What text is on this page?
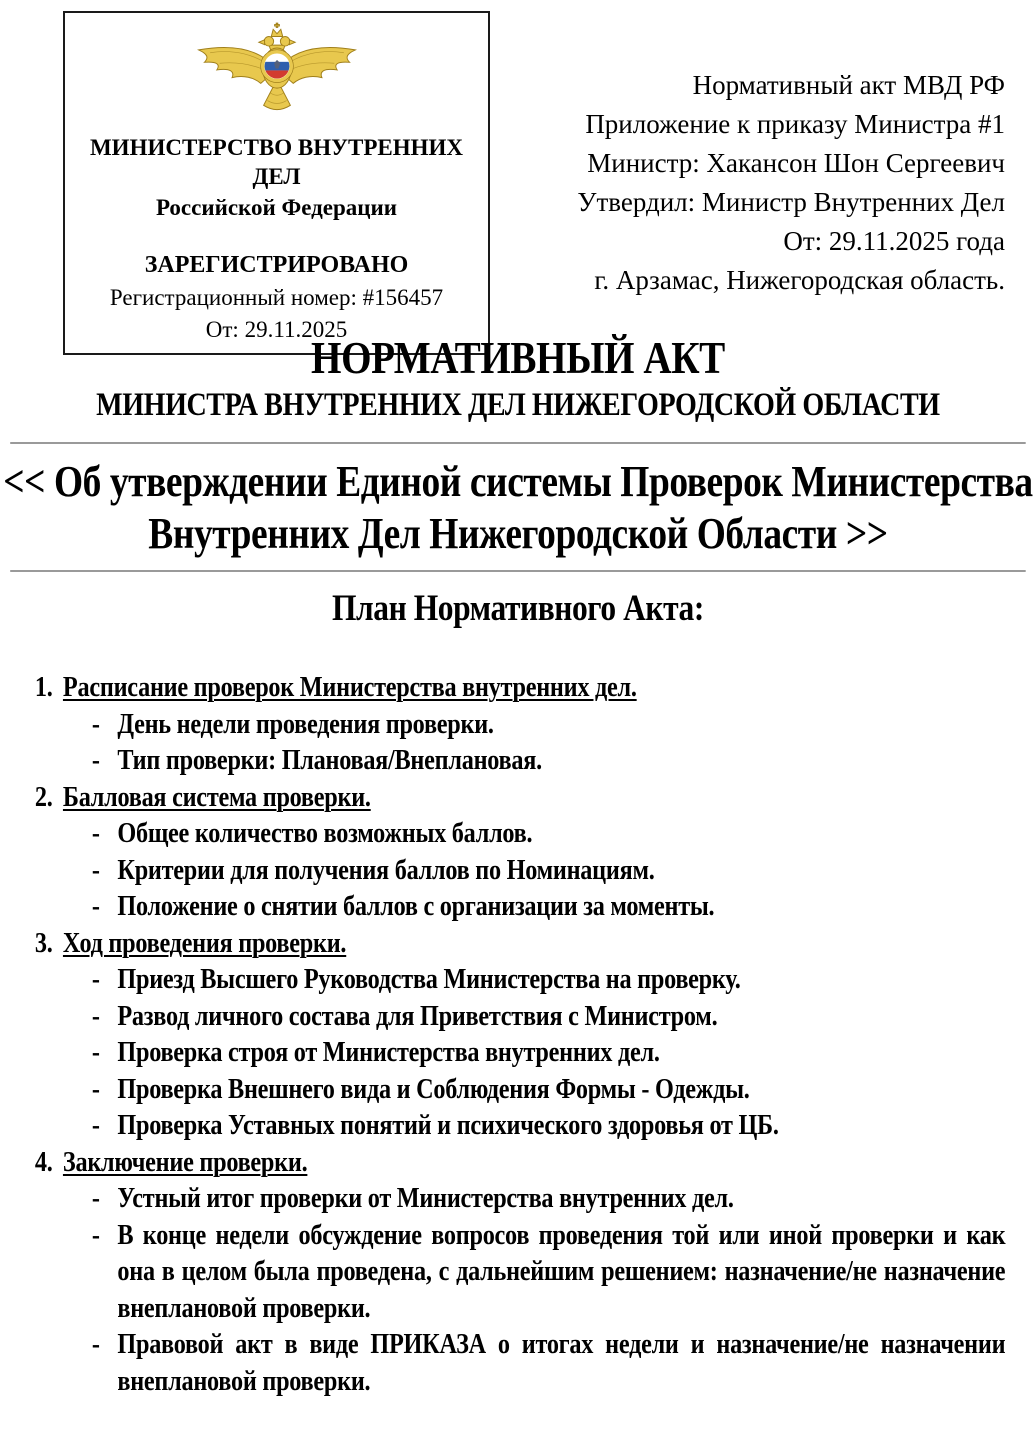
МИНИСТЕРСТВО ВНУТРЕННИХ ДЕЛ
Российской Федерации
ЗАРЕГИСТРИРОВАНО
Регистрационный номер: #156457
От: 29.11.2025
Нормативный акт МВД РФ
Приложение к приказу Министра #1
Министр: Хакансон Шон Сергеевич
Утвердил: Министр Внутренних Дел
От: 29.11.2025 года
г. Арзамас, Нижегородская область.
НОРМАТИВНЫЙ АКТ
МИНИСТРА ВНУТРЕННИХ ДЕЛ НИЖЕГОРОДСКОЙ ОБЛАСТИ
<< Об утверждении Единой системы Проверок Министерства
Внутренних Дел Нижегородской Области >>
План Нормативного Акта:
1. Расписание проверок Министерства внутренних дел.
- День недели проведения проверки.
- Тип проверки: Плановая/Внеплановая.
2. Балловая система проверки.
- Общее количество возможных баллов.
- Критерии для получения баллов по Номинациям.
- Положение о снятии баллов с организации за моменты.
3. Ход проведения проверки.
- Приезд Высшего Руководства Министерства на проверку.
- Развод личного состава для Приветствия с Министром.
- Проверка строя от Министерства внутренних дел.
- Проверка Внешнего вида и Соблюдения Формы - Одежды.
- Проверка Уставных понятий и психического здоровья от ЦБ.
4. Заключение проверки.
- Устный итог проверки от Министерства внутренних дел.
- В конце недели обсуждение вопросов проведения той или иной проверки и как она в целом была проведена, с дальнейшим решением: назначение/не назначение внеплановой проверки.
- Правовой акт в виде ПРИКАЗА о итогах недели и назначение/не назначении внеплановой проверки.
